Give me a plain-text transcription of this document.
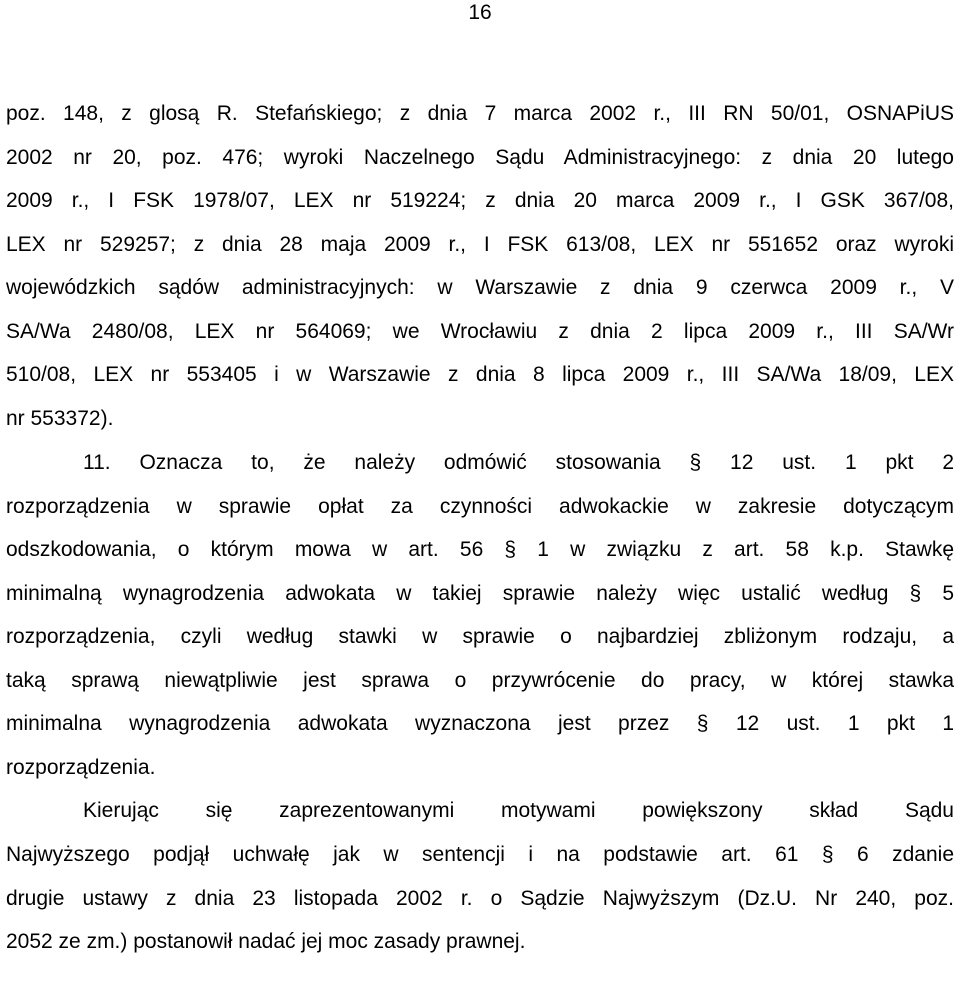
16
poz. 148, z glosą R. Stefańskiego; z dnia 7 marca 2002 r., III RN 50/01, OSNAPiUS
2002 nr 20, poz. 476; wyroki Naczelnego Sądu Administracyjnego: z dnia 20 lutego
2009 r., I FSK 1978/07, LEX nr 519224; z dnia 20 marca 2009 r., I GSK 367/08,
LEX nr 529257; z dnia 28 maja 2009 r., I FSK 613/08, LEX nr 551652 oraz wyroki
wojewódzkich sądów administracyjnych: w Warszawie z dnia 9 czerwca 2009 r., V
SA/Wa 2480/08, LEX nr 564069; we Wrocławiu z dnia 2 lipca 2009 r., III SA/Wr
510/08, LEX nr 553405 i w Warszawie z dnia 8 lipca 2009 r., III SA/Wa 18/09, LEX
nr 553372).
11. Oznacza to, że należy odmówić stosowania § 12 ust. 1 pkt 2
rozporządzenia w sprawie opłat za czynności adwokackie w zakresie dotyczącym
odszkodowania, o którym mowa w art. 56 § 1 w związku z art. 58 k.p. Stawkę
minimalną wynagrodzenia adwokata w takiej sprawie należy więc ustalić według § 5
rozporządzenia, czyli według stawki w sprawie o najbardziej zbliżonym rodzaju, a
taką sprawą niewątpliwie jest sprawa o przywrócenie do pracy, w której stawka
minimalna wynagrodzenia adwokata wyznaczona jest przez § 12 ust. 1 pkt 1
rozporządzenia.
Kierując się zaprezentowanymi motywami powiększony skład Sądu
Najwyższego podjął uchwałę jak w sentencji i na podstawie art. 61 § 6 zdanie
drugie ustawy z dnia 23 listopada 2002 r. o Sądzie Najwyższym (Dz.U. Nr 240, poz.
2052 ze zm.) postanowił nadać jej moc zasady prawnej.
